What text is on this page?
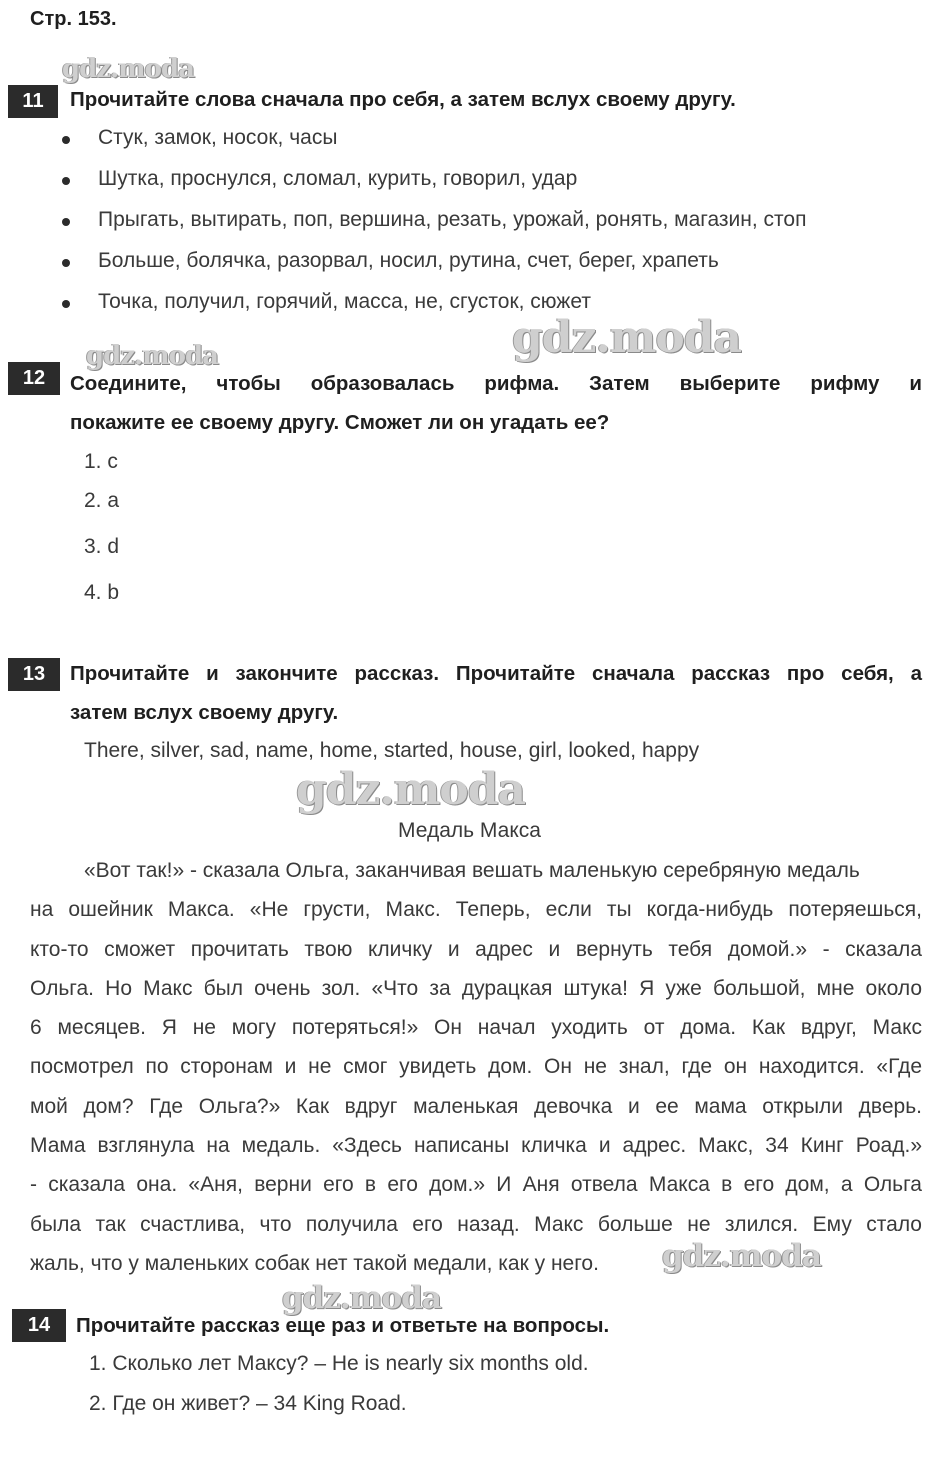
Стр. 153.
gdz.moda
gdz.moda	gdz.moda
gdz.moda
gdz.moda
gdz.moda
11	Прочитайте слова сначала про себя, а затем вслух своему другу.
Стук, замок, носок, часы
Шутка, проснулся, сломал, курить, говорил, удар
Прыгать, вытирать, поп, вершина, резать, урожай, ронять, магазин, стоп
Больше, болячка, разорвал, носил, рутина, счет, берег, храпеть
Точка, получил, горячий, масса, не, сгусток, сюжет
12	Соедините, чтобы образовалась рифма. Затем выберите рифму и
покажите ее своему другу. Сможет ли он угадать ее?
1. c
2. a
3. d
4. b
13	Прочитайте и закончите рассказ. Прочитайте сначала рассказ про себя, а
затем вслух своему другу.
There, silver, sad, name, home, started, house, girl, looked, happy
Медаль Макса
«Вот так!» - сказала Ольга, заканчивая вешать маленькую серебряную медаль
на ошейник Макса. «Не грусти, Макс. Теперь, если ты когда-нибудь потеряешься,
кто-то сможет прочитать твою кличку и адрес и вернуть тебя домой.» - сказала
Ольга. Но Макс был очень зол. «Что за дурацкая штука! Я уже большой, мне около
6 месяцев. Я не могу потеряться!» Он начал уходить от дома. Как вдруг, Макс
посмотрел по сторонам и не смог увидеть дом. Он не знал, где он находится. «Где
мой дом? Где Ольга?» Как вдруг маленькая девочка и ее мама открыли дверь.
Мама взглянула на медаль. «Здесь написаны кличка и адрес. Макс, 34 Кинг Роад.»
- сказала она. «Аня, верни его в его дом.» И Аня отвела Макса в его дом, а Ольга
была так счастлива, что получила его назад. Макс больше не злился. Ему стало
жаль, что у маленьких собак нет такой медали, как у него.
14	Прочитайте рассказ еще раз и ответьте на вопросы.
1. Сколько лет Максу? – He is nearly six months old.
2. Где он живет? – 34 King Road.
